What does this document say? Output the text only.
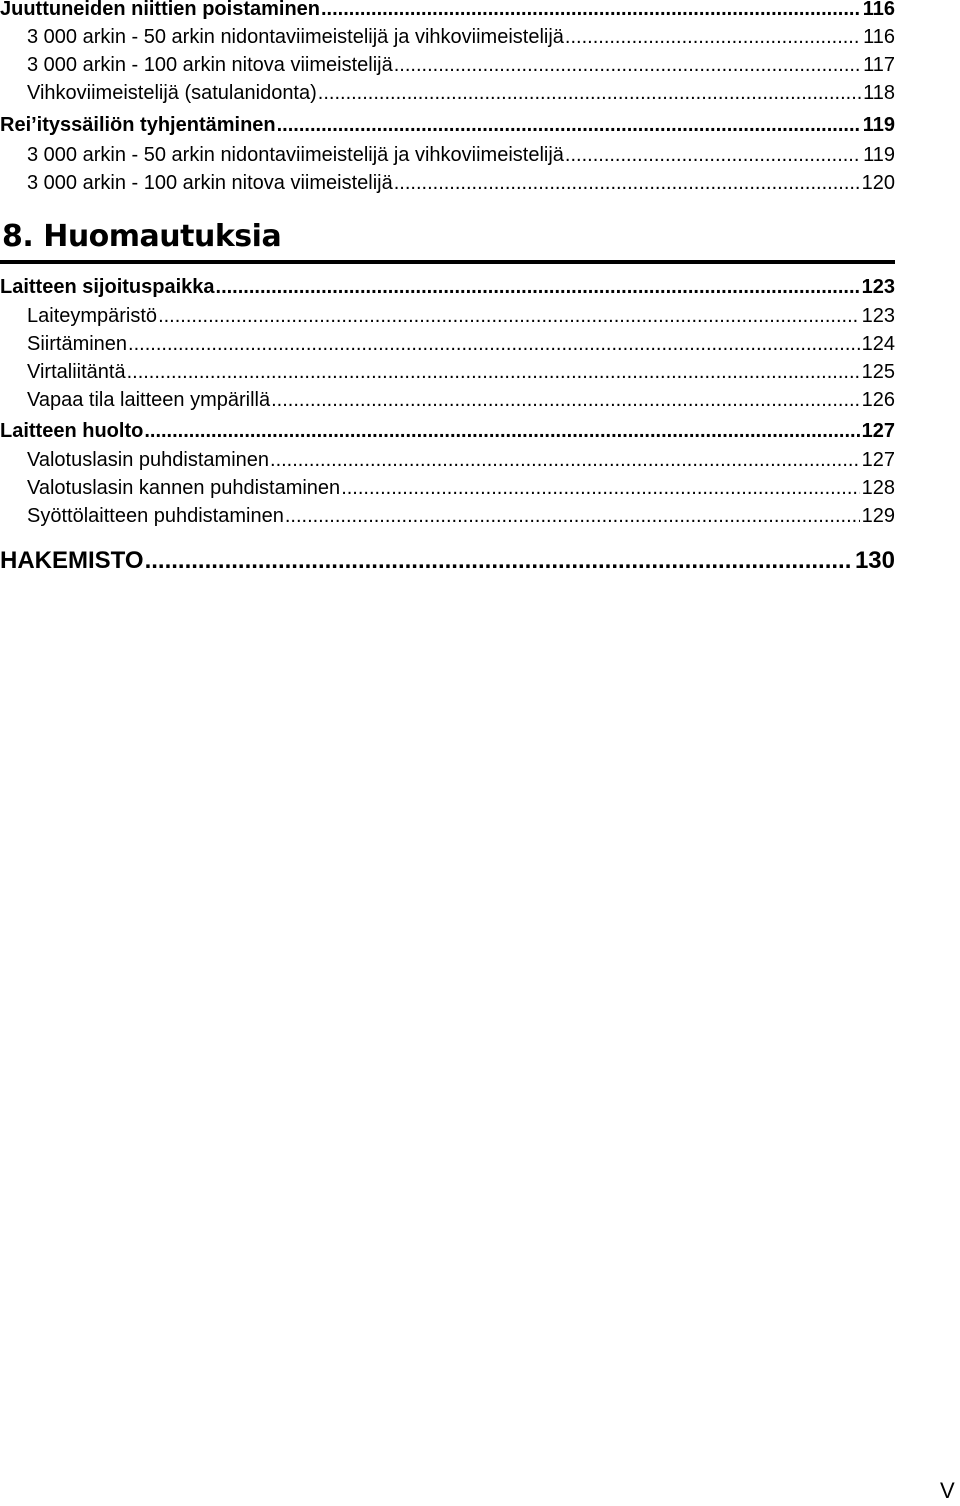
Juuttuneiden niittien poistaminen .....	116
3 000 arkin - 50 arkin nidontaviimeistelijä ja vihkoviimeistelijä .....	116
3 000 arkin - 100 arkin nitova viimeistelijä .....	117
Vihkoviimeistelijä (satulanidonta) .....	118
Rei’ityssäiliön tyhjentäminen .....	119
3 000 arkin - 50 arkin nidontaviimeistelijä ja vihkoviimeistelijä .....	119
3 000 arkin - 100 arkin nitova viimeistelijä .....	120
8. Huomautuksia
Laitteen sijoituspaikka .....	123
Laiteympäristö .....	123
Siirtäminen .....	124
Virtaliitäntä .....	125
Vapaa tila laitteen ympärillä .....	126
Laitteen huolto .....	127
Valotuslasin puhdistaminen .....	127
Valotuslasin kannen puhdistaminen .....	128
Syöttölaitteen puhdistaminen .....	129
HAKEMISTO .....	130
V
